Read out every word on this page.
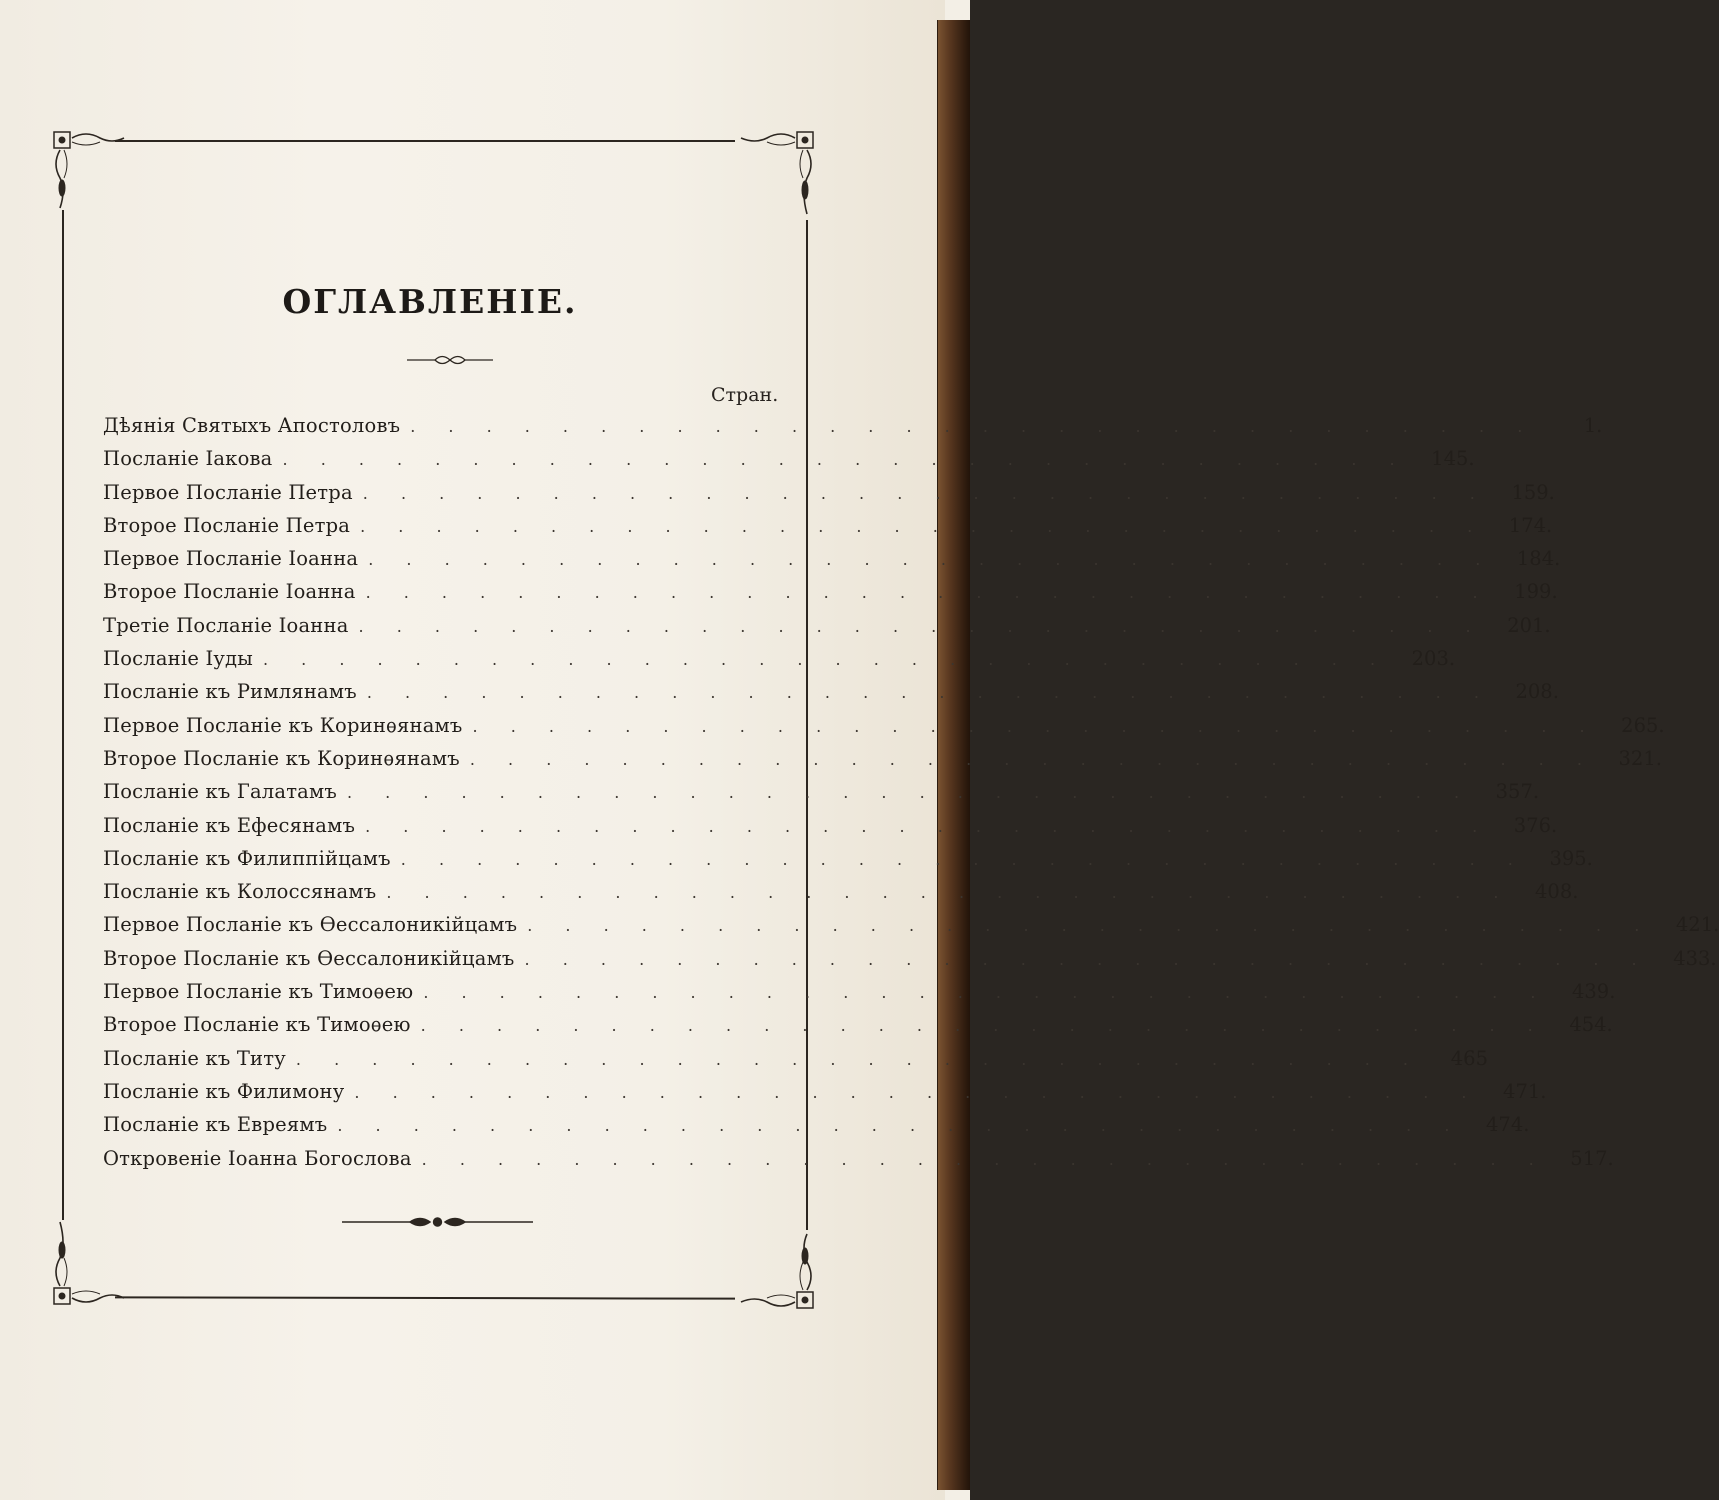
ОГЛАВЛЕНІЕ.
Стран.
Дѣянія Святыхъ Апостоловъ . . . . . . . . . . . . . . . . . . . . . . . . . . . . . .	1.
Посланіе Іакова . . . . . . . . . . . . . . . . . . . . . . . . . . . . . .	145.
Первое Посланіе Петра . . . . . . . . . . . . . . . . . . . . . . . . . . . . . .	159.
Второе Посланіе Петра . . . . . . . . . . . . . . . . . . . . . . . . . . . . . .	174.
Первое Посланіе Іоанна . . . . . . . . . . . . . . . . . . . . . . . . . . . . . .	184.
Второе Посланіе Іоанна . . . . . . . . . . . . . . . . . . . . . . . . . . . . . .	199.
Третіе Посланіе Іоанна . . . . . . . . . . . . . . . . . . . . . . . . . . . . . .	201.
Посланіе Іуды . . . . . . . . . . . . . . . . . . . . . . . . . . . . . .	203.
Посланіе къ Римлянамъ . . . . . . . . . . . . . . . . . . . . . . . . . . . . . .	208.
Первое Посланіе къ Коринѳянамъ . . . . . . . . . . . . . . . . . . . . . . . . . . . . . .	265.
Второе Посланіе къ Коринѳянамъ . . . . . . . . . . . . . . . . . . . . . . . . . . . . . .	321.
Посланіе къ Галатамъ . . . . . . . . . . . . . . . . . . . . . . . . . . . . . .	357.
Посланіе къ Ефесянамъ . . . . . . . . . . . . . . . . . . . . . . . . . . . . . .	376.
Посланіе къ Филиппійцамъ . . . . . . . . . . . . . . . . . . . . . . . . . . . . . .	395.
Посланіе къ Колоссянамъ . . . . . . . . . . . . . . . . . . . . . . . . . . . . . .	408.
Первое Посланіе къ Ѳессалоникійцамъ . . . . . . . . . . . . . . . . . . . . . . . . . . . . . .	421.
Второе Посланіе къ Ѳессалоникійцамъ . . . . . . . . . . . . . . . . . . . . . . . . . . . . . .	433.
Первое Посланіе къ Тимоѳею . . . . . . . . . . . . . . . . . . . . . . . . . . . . . .	439.
Второе Посланіе къ Тимоѳею . . . . . . . . . . . . . . . . . . . . . . . . . . . . . .	454.
Посланіе къ Титу . . . . . . . . . . . . . . . . . . . . . . . . . . . . . .	465
Посланіе къ Филимону . . . . . . . . . . . . . . . . . . . . . . . . . . . . . .	471.
Посланіе къ Евреямъ . . . . . . . . . . . . . . . . . . . . . . . . . . . . . .	474.
Откровеніе Іоанна Богослова . . . . . . . . . . . . . . . . . . . . . . . . . . . . . .	517.
